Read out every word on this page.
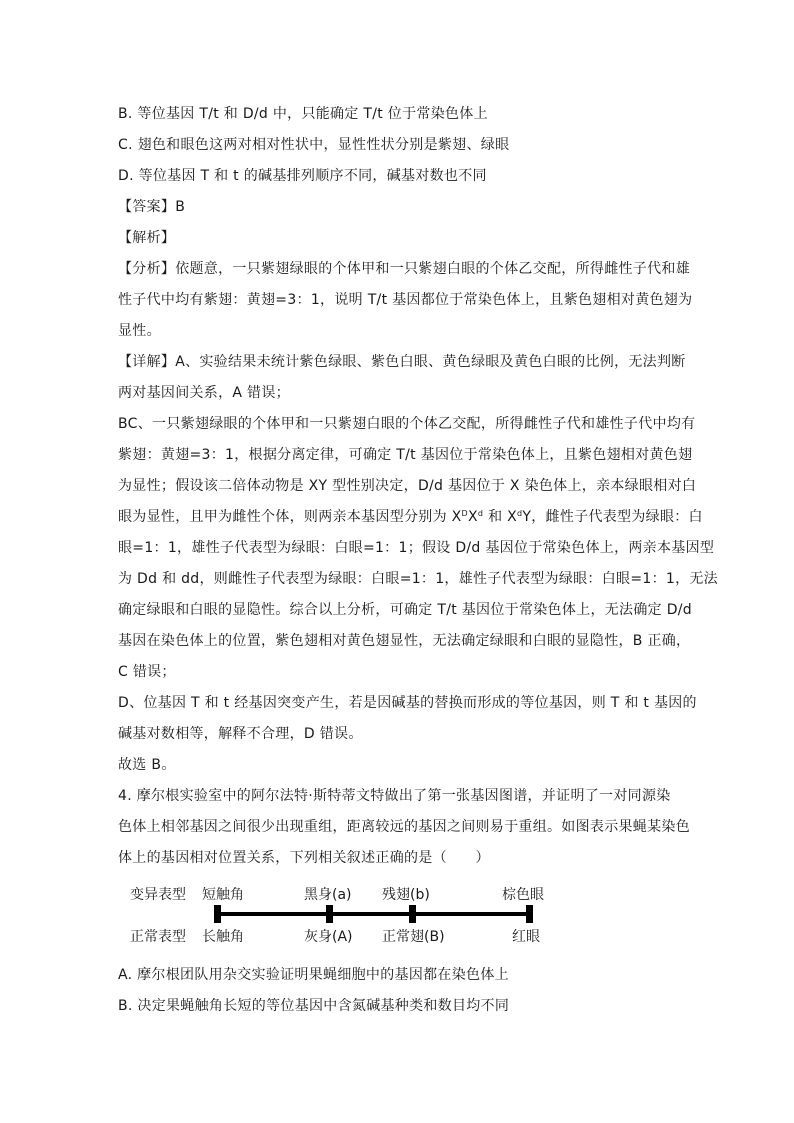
B. 等位基因 T/t 和 D/d 中，只能确定 T/t 位于常染色体上
C. 翅色和眼色这两对相对性状中，显性性状分别是紫翅、绿眼
D. 等位基因 T 和 t 的碱基排列顺序不同，碱基对数也不同
【答案】B
【解析】
【分析】依题意，一只紫翅绿眼的个体甲和一只紫翅白眼的个体乙交配，所得雌性子代和雄
性子代中均有紫翅：黄翅=3：1，说明 T/t 基因都位于常染色体上，且紫色翅相对黄色翅为
显性。
【详解】A、实验结果未统计紫色绿眼、紫色白眼、黄色绿眼及黄色白眼的比例，无法判断
两对基因间关系，A 错误；
BC、一只紫翅绿眼的个体甲和一只紫翅白眼的个体乙交配，所得雌性子代和雄性子代中均有
紫翅：黄翅=3：1，根据分离定律，可确定 T/t 基因位于常染色体上，且紫色翅相对黄色翅
为显性；假设该二倍体动物是 XY 型性别决定，D/d 基因位于 X 染色体上，亲本绿眼相对白
眼为显性，且甲为雌性个体，则两亲本基因型分别为 $X^DX^d$ 和 $X^dY$，雌性子代表型为绿眼：白
眼=1：1，雄性子代表型为绿眼：白眼=1：1；假设 D/d 基因位于常染色体上，两亲本基因型
为 Dd 和 dd，则雌性子代表型为绿眼：白眼=1：1，雄性子代表型为绿眼：白眼=1：1，无法
确定绿眼和白眼的显隐性。综合以上分析，可确定 T/t 基因位于常染色体上，无法确定 D/d
基因在染色体上的位置，紫色翅相对黄色翅显性，无法确定绿眼和白眼的显隐性，B 正确，
C 错误；
D、位基因 T 和 t 经基因突变产生，若是因碱基的替换而形成的等位基因，则 T 和 t 基因的
碱基对数相等，解释不合理，D 错误。
故选 B。
4. 摩尔根实验室中的阿尔法特·斯特蒂文特做出了第一张基因图谱，并证明了一对同源染
色体上相邻基因之间很少出现重组，距离较远的基因之间则易于重组。如图表示果蝇某染色
体上的基因相对位置关系，下列相关叙述正确的是（　　）
变异表型
正常表型
短触角	黑身(a) 残翅(b)	棕色眼
长触角	灰身(A) 正常翅(B)	红眼
A. 摩尔根团队用杂交实验证明果蝇细胞中的基因都在染色体上
B. 决定果蝇触角长短的等位基因中含氮碱基种类和数目均不同
